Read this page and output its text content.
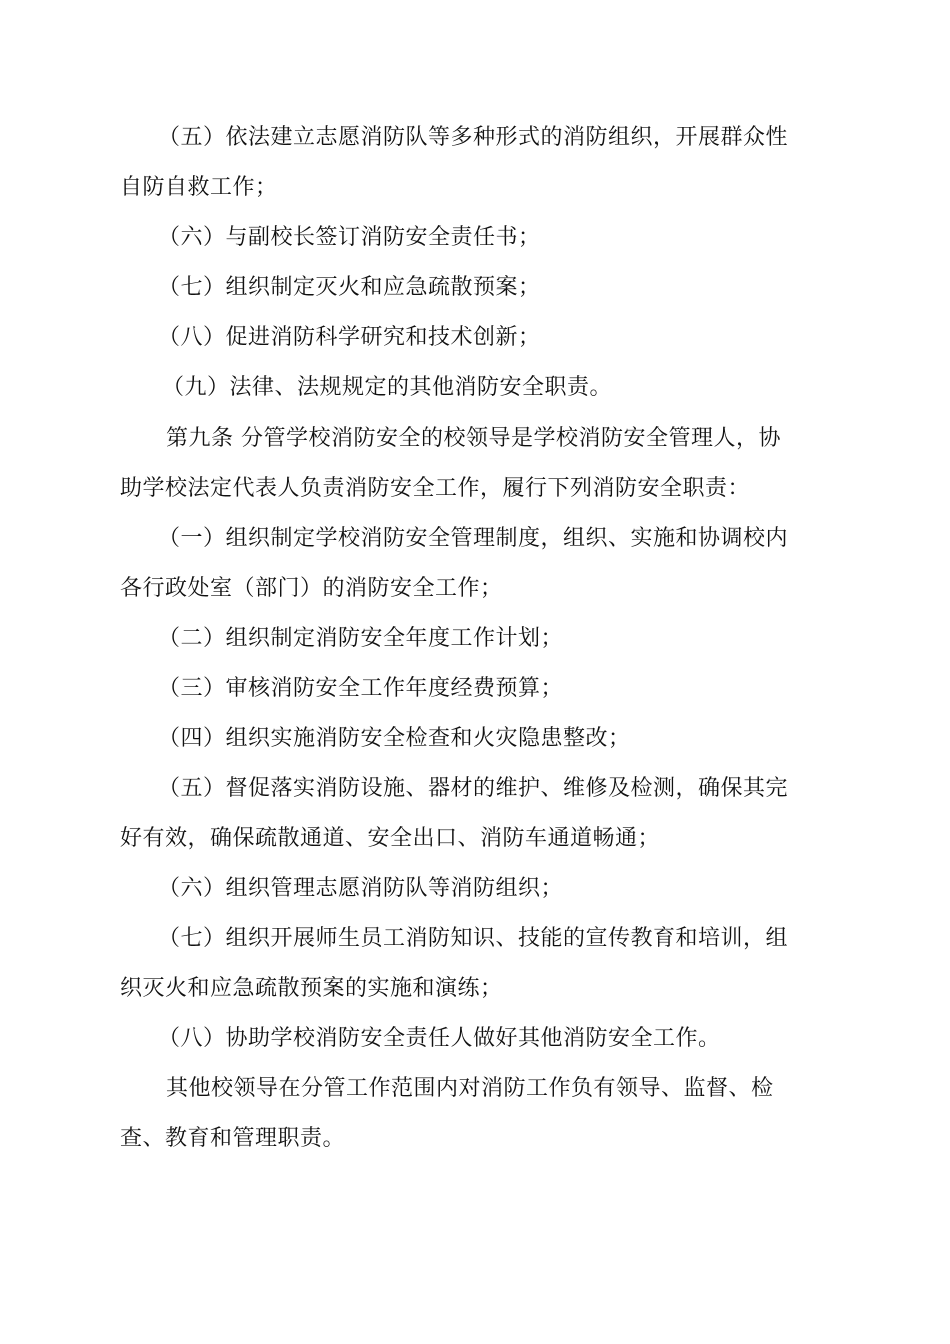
（五）依法建立志愿消防队等多种形式的消防组织，开展群众性
自防自救工作；
（六）与副校长签订消防安全责任书；
（七）组织制定灭火和应急疏散预案；
（八）促进消防科学研究和技术创新；
（九）法律、法规规定的其他消防安全职责。
第九条 分管学校消防安全的校领导是学校消防安全管理人，协
助学校法定代表人负责消防安全工作，履行下列消防安全职责：
（一）组织制定学校消防安全管理制度，组织、实施和协调校内
各行政处室（部门）的消防安全工作；
（二）组织制定消防安全年度工作计划；
（三）审核消防安全工作年度经费预算；
（四）组织实施消防安全检查和火灾隐患整改；
（五）督促落实消防设施、器材的维护、维修及检测，确保其完
好有效，确保疏散通道、安全出口、消防车通道畅通；
（六）组织管理志愿消防队等消防组织；
（七）组织开展师生员工消防知识、技能的宣传教育和培训，组
织灭火和应急疏散预案的实施和演练；
（八）协助学校消防安全责任人做好其他消防安全工作。
其他校领导在分管工作范围内对消防工作负有领导、监督、检
查、教育和管理职责。
